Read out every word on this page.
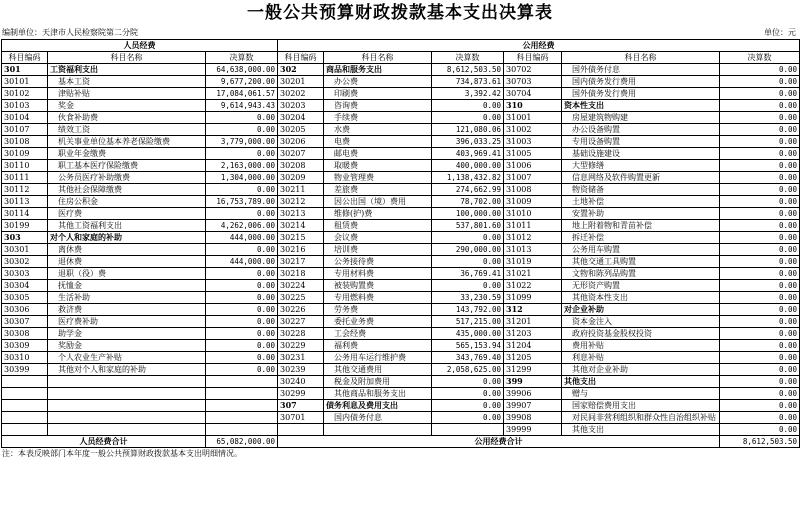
一般公共预算财政拨款基本支出决算表
编制单位：天津市人民检察院第二分院	单位：元
人员经费			公用经费					
科目编码	科目名称	决算数	科目编码	科目名称	决算数	科目编码	科目名称	决算数
301	工资福利支出	64,638,000.00	302	商品和服务支出	8,612,503.50	30702	国外债务付息	0.00
30101	基本工资	9,677,200.00	30201	办公费	734,873.61	30703	国内债务发行费用	0.00
30102	津贴补贴	17,084,061.57	30202	印刷费	3,392.42	30704	国外债务发行费用	0.00
30103	奖金	9,614,943.43	30203	咨询费	0.00	310	资本性支出	0.00
30104	伙食补助费	0.00	30204	手续费	0.00	31001	房屋建筑物购建	0.00
30107	绩效工资	0.00	30205	水费	121,080.06	31002	办公设备购置	0.00
30108	机关事业单位基本养老保险缴费	3,779,000.00	30206	电费	396,033.25	31003	专用设备购置	0.00
30109	职业年金缴费	0.00	30207	邮电费	403,969.41	31005	基础设施建设	0.00
30110	职工基本医疗保险缴费	2,163,000.00	30208	取暖费	400,000.00	31006	大型修缮	0.00
30111	公务员医疗补助缴费	1,304,000.00	30209	物业管理费	1,138,432.82	31007	信息网络及软件购置更新	0.00
30112	其他社会保障缴费	0.00	30211	差旅费	274,662.99	31008	物资储备	0.00
30113	住房公积金	16,753,789.00	30212	因公出国（境）费用	78,702.00	31009	土地补偿	0.00
30114	医疗费	0.00	30213	维修(护)费	100,000.00	31010	安置补助	0.00
30199	其他工资福利支出	4,262,006.00	30214	租赁费	537,801.60	31011	地上附着物和青苗补偿	0.00
303	对个人和家庭的补助	444,000.00	30215	会议费	0.00	31012	拆迁补偿	0.00
30301	离休费	0.00	30216	培训费	290,000.00	31013	公务用车购置	0.00
30302	退休费	444,000.00	30217	公务接待费	0.00	31019	其他交通工具购置	0.00
30303	退职（役）费	0.00	30218	专用材料费	36,769.41	31021	文物和陈列品购置	0.00
30304	抚恤金	0.00	30224	被装购置费	0.00	31022	无形资产购置	0.00
30305	生活补助	0.00	30225	专用燃料费	33,230.59	31099	其他资本性支出	0.00
30306	救济费	0.00	30226	劳务费	143,792.00	312	对企业补助	0.00
30307	医疗费补助	0.00	30227	委托业务费	517,215.00	31201	资本金注入	0.00
30308	助学金	0.00	30228	工会经费	435,000.00	31203	政府投资基金股权投资	0.00
30309	奖励金	0.00	30229	福利费	565,153.94	31204	费用补贴	0.00
30310	个人农业生产补贴	0.00	30231	公务用车运行维护费	343,769.40	31205	利息补贴	0.00
30399	其他对个人和家庭的补助	0.00	30239	其他交通费用	2,058,625.00	31299	其他对企业补助	0.00
			30240	税金及附加费用	0.00	399	其他支出	0.00
			30299	其他商品和服务支出	0.00	39906	赠与	0.00
			307	债务利息及费用支出	0.00	39907	国家赔偿费用支出	0.00
			30701	国内债务付息	0.00	39908	对民间非营利组织和群众性自治组织补贴	0.00
						39999	其他支出	0.00
人员经费合计		65,082,000.00	公用经费合计					8,612,503.50
注：本表反映部门本年度一般公共预算财政拨款基本支出明细情况。
